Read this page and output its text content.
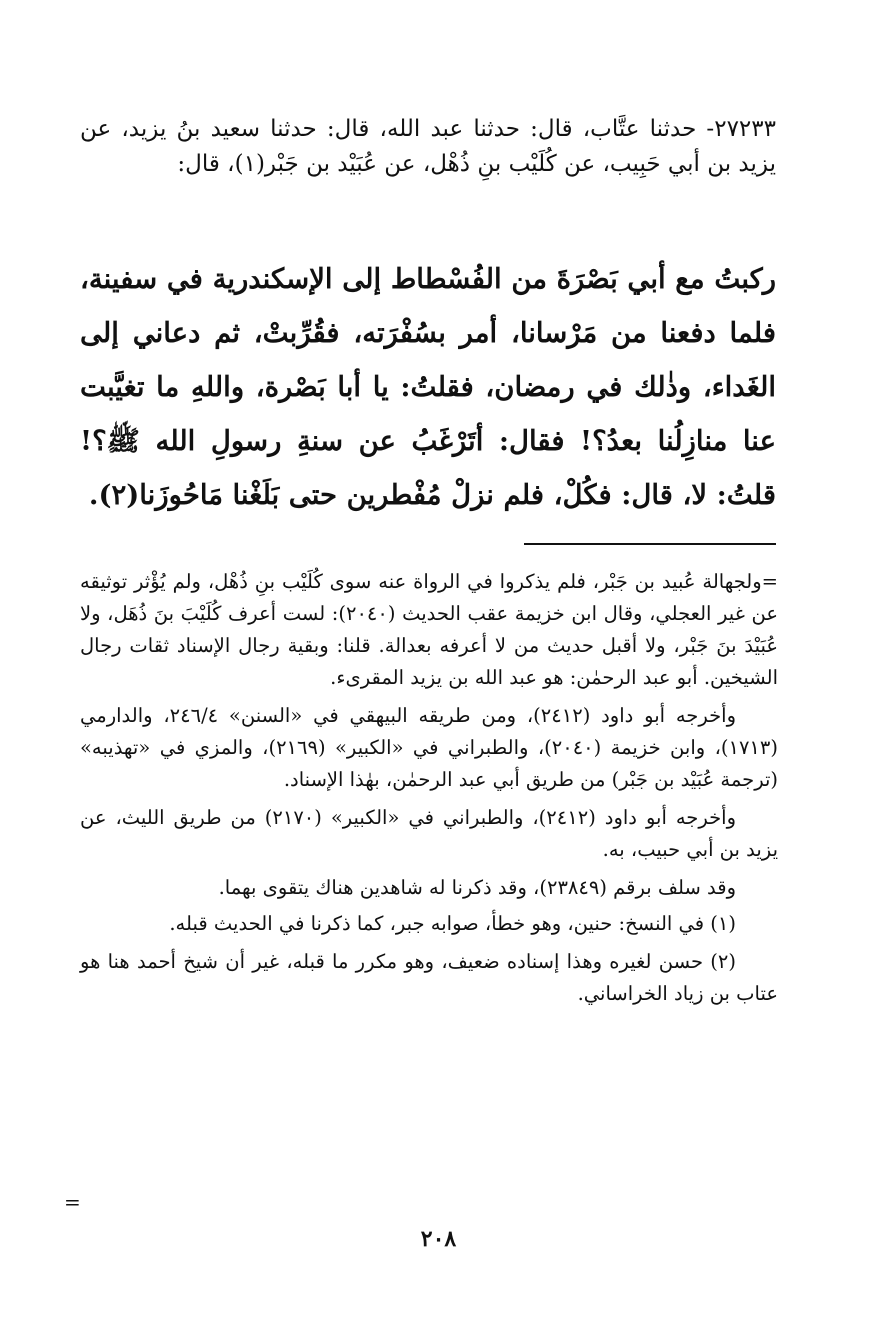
٢٧٢٣٣- حدثنا عتَّاب، قال: حدثنا عبد الله، قال: حدثنا سعيد بنُ يزيد، عن يزيد بن أبي حَبِيب، عن كُلَيْب بنِ ذُهْل، عن عُبَيْد بن جَبْر(١)، قال:
ركبتُ مع أبي بَصْرَةَ من الفُسْطاط إلى الإسكندرية في سفينة، فلما دفعنا من مَرْسانا، أمر بسُفْرَته، فقُرِّبتْ، ثم دعاني إلى الغَداء، وذٰلك في رمضان، فقلتُ: يا أبا بَصْرة، واللهِ ما تغيَّبت عنا منازِلُنا بعدُ؟! فقال: أتَرْغَبُ عن سنةِ رسولِ الله ﷺ؟! قلتُ: لا، قال: فكُلْ، فلم نزلْ مُفْطرين حتى بَلَغْنا مَاحُوزَنا(٢).

=ولجهالة عُبيد بن جَبْر، فلم يذكروا في الرواة عنه سوى كُلَيْب بنِ ذُهْل، ولم يُؤْثر توثيقه عن غير العجلي، وقال ابن خزيمة عقب الحديث (٢٠٤٠): لست أعرف كُلَيْبَ بنَ ذُهَل، ولا عُبَيْدَ بنَ جَبْر، ولا أقبل حديث من لا أعرفه بعدالة. قلنا: وبقية رجال الإسناد ثقات رجال الشيخين. أبو عبد الرحمٰن: هو عبد الله بن يزيد المقرىء.

وأخرجه أبو داود (٢٤١٢)، ومن طريقه البيهقي في «السنن» ٢٤٦/٤، والدارمي (١٧١٣)، وابن خزيمة (٢٠٤٠)، والطبراني في «الكبير» (٢١٦٩)، والمزي في «تهذيبه» (ترجمة عُبَيْد بن جَبْر) من طريق أبي عبد الرحمٰن، بهٰذا الإسناد.

وأخرجه أبو داود (٢٤١٢)، والطبراني في «الكبير» (٢١٧٠) من طريق الليث، عن يزيد بن أبي حبيب، به.

وقد سلف برقم (٢٣٨٤٩)، وقد ذكرنا له شاهدين هناك يتقوى بهما.

(١) في النسخ: حنين، وهو خطأ، صوابه جبر، كما ذكرنا في الحديث قبله.

(٢) حسن لغيره وهذا إسناده ضعيف، وهو مكرر ما قبله، غير أن شيخ أحمد هنا هو عتاب بن زياد الخراساني.

=
٢٠٨
